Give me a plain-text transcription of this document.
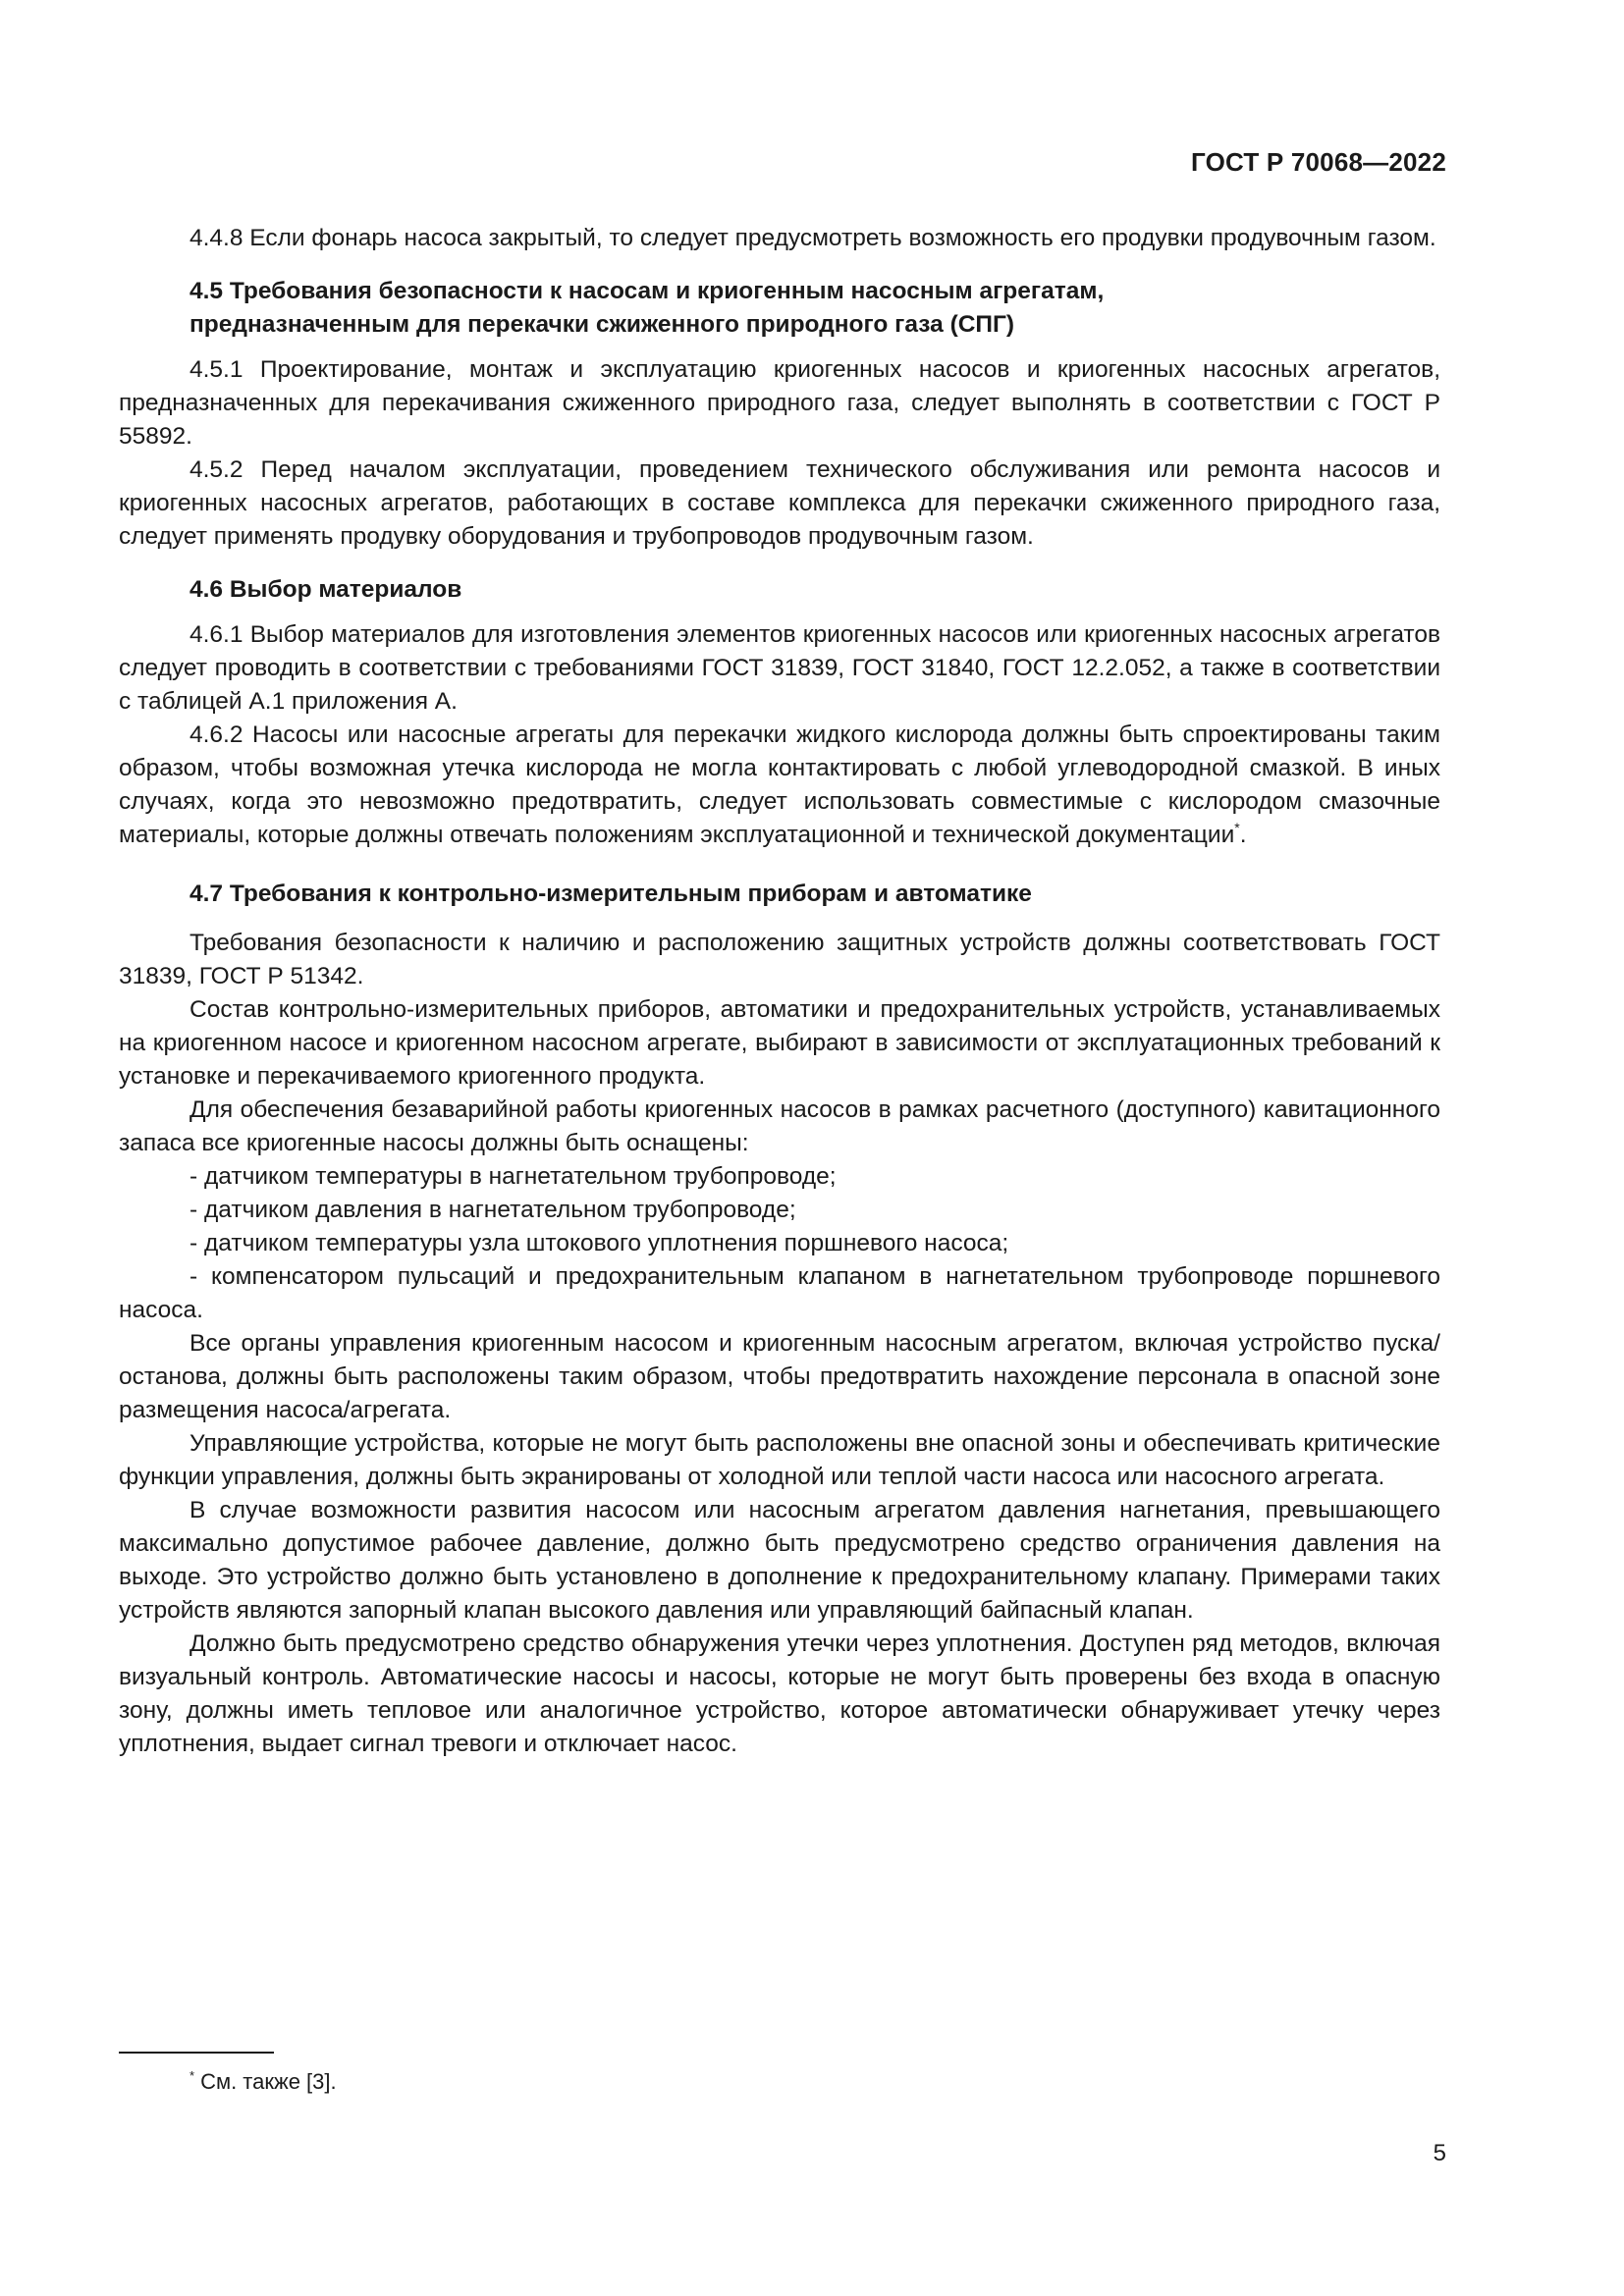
ГОСТ Р 70068—2022

4.4.8 Если фонарь насоса закрытый, то следует предусмотреть возможность его продувки продувочным газом.

4.5 Требования безопасности к насосам и криогенным насосным агрегатам,
предназначенным для перекачки сжиженного природного газа (СПГ)

4.5.1 Проектирование, монтаж и эксплуатацию криогенных насосов и криогенных насосных агрегатов, предназначенных для перекачивания сжиженного природного газа, следует выполнять в соответствии с ГОСТ Р 55892.

4.5.2 Перед началом эксплуатации, проведением технического обслуживания или ремонта насосов и криогенных насосных агрегатов, работающих в составе комплекса для перекачки сжиженного природного газа, следует применять продувку оборудования и трубопроводов продувочным газом.

4.6 Выбор материалов

4.6.1 Выбор материалов для изготовления элементов криогенных насосов или криогенных насосных агрегатов следует проводить в соответствии с требованиями ГОСТ 31839, ГОСТ 31840, ГОСТ 12.2.052, а также в соответствии с таблицей А.1 приложения А.

4.6.2 Насосы или насосные агрегаты для перекачки жидкого кислорода должны быть спроектированы таким образом, чтобы возможная утечка кислорода не могла контактировать с любой углеводородной смазкой. В иных случаях, когда это невозможно предотвратить, следует использовать совместимые с кислородом смазочные материалы, которые должны отвечать положениям эксплуатационной и технической документации*.

4.7 Требования к контрольно-измерительным приборам и автоматике

Требования безопасности к наличию и расположению защитных устройств должны соответствовать ГОСТ 31839, ГОСТ Р 51342.

Состав контрольно-измерительных приборов, автоматики и предохранительных устройств, устанавливаемых на криогенном насосе и криогенном насосном агрегате, выбирают в зависимости от эксплуатационных требований к установке и перекачиваемого криогенного продукта.

Для обеспечения безаварийной работы криогенных насосов в рамках расчетного (доступного) кавитационного запаса все криогенные насосы должны быть оснащены:

- датчиком температуры в нагнетательном трубопроводе;

- датчиком давления в нагнетательном трубопроводе;

- датчиком температуры узла штокового уплотнения поршневого насоса;

- компенсатором пульсаций и предохранительным клапаном в нагнетательном трубопроводе поршневого насоса.

Все органы управления криогенным насосом и криогенным насосным агрегатом, включая устройство пуска/останова, должны быть расположены таким образом, чтобы предотвратить нахождение персонала в опасной зоне размещения насоса/агрегата.

Управляющие устройства, которые не могут быть расположены вне опасной зоны и обеспечивать критические функции управления, должны быть экранированы от холодной или теплой части насоса или насосного агрегата.

В случае возможности развития насосом или насосным агрегатом давления нагнетания, превышающего максимально допустимое рабочее давление, должно быть предусмотрено средство ограничения давления на выходе. Это устройство должно быть установлено в дополнение к предохранительному клапану. Примерами таких устройств являются запорный клапан высокого давления или управляющий байпасный клапан.

Должно быть предусмотрено средство обнаружения утечки через уплотнения. Доступен ряд методов, включая визуальный контроль. Автоматические насосы и насосы, которые не могут быть проверены без входа в опасную зону, должны иметь тепловое или аналогичное устройство, которое автоматически обнаруживает утечку через уплотнения, выдает сигнал тревоги и отключает насос.

* См. также [3].
5
